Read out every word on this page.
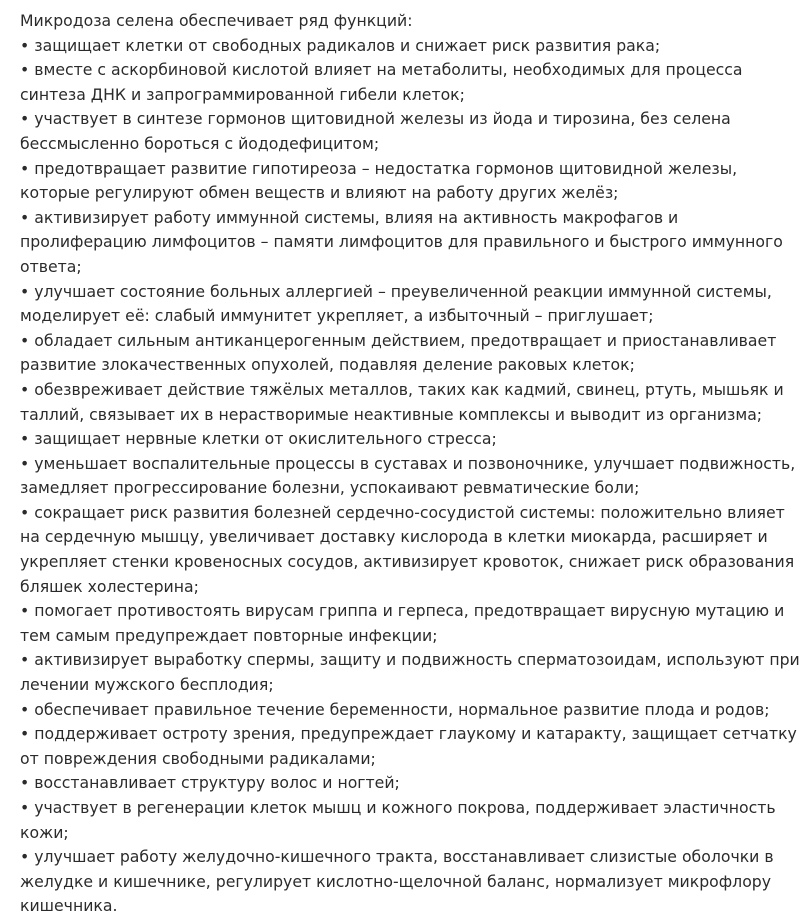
Микродоза селена обеспечивает ряд функций:

• защищает клетки от свободных радикалов и снижает риск развития рака;

• вместе с аскорбиновой кислотой влияет на метаболиты, необходимых для процесса синтеза ДНК и запрограммированной гибели клеток;

• участвует в синтезе гормонов щитовидной железы из йода и тирозина, без селена бессмысленно бороться с йододефицитом;

• предотвращает развитие гипотиреоза – недостатка гормонов щитовидной железы, которые регулируют обмен веществ и влияют на работу других желёз;

• активизирует работу иммунной системы, влияя на активность макрофагов и пролиферацию лимфоцитов – памяти лимфоцитов для правильного и быстрого иммунного ответа;

• улучшает состояние больных аллергией – преувеличенной реакции иммунной системы, моделирует её: слабый иммунитет укрепляет, а избыточный – приглушает;

• обладает сильным антиканцерогенным действием, предотвращает и приостанавливает развитие злокачественных опухолей, подавляя деление раковых клеток;

• обезвреживает действие тяжёлых металлов, таких как кадмий, свинец, ртуть, мышьяк и таллий, связывает их в нерастворимые неактивные комплексы и выводит из организма;

• защищает нервные клетки от окислительного стресса;

• уменьшает воспалительные процессы в суставах и позвоночнике, улучшает подвижность, замедляет прогрессирование болезни, успокаивают ревматические боли;

• сокращает риск развития болезней сердечно-сосудистой системы: положительно влияет на сердечную мышцу, увеличивает доставку кислорода в клетки миокарда, расширяет и укрепляет стенки кровеносных сосудов, активизирует кровоток, снижает риск образования бляшек холестерина;

• помогает противостоять вирусам гриппа и герпеса, предотвращает вирусную мутацию и тем самым предупреждает повторные инфекции;

• активизирует выработку спермы, защиту и подвижность сперматозоидам, используют при лечении мужского бесплодия;

• обеспечивает правильное течение беременности, нормальное развитие плода и родов;

• поддерживает остроту зрения, предупреждает глаукому и катаракту, защищает сетчатку от повреждения свободными радикалами;

• восстанавливает структуру волос и ногтей;

• участвует в регенерации клеток мышц и кожного покрова, поддерживает эластичность кожи;

• улучшает работу желудочно-кишечного тракта, восстанавливает слизистые оболочки в желудке и кишечнике, регулирует кислотно-щелочной баланс, нормализует микрофлору кишечника.
